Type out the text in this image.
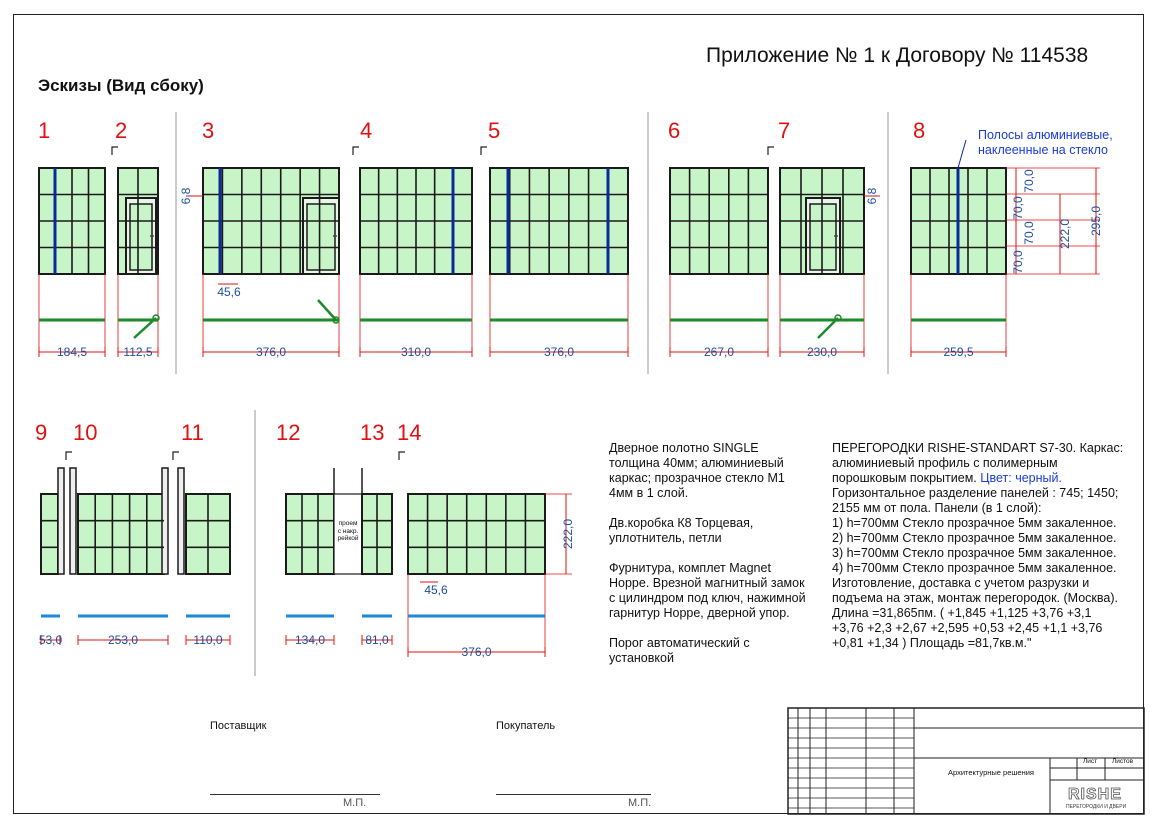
Приложение № 1 к Договору № 114538
Эскизы (Вид сбоку)
184,5	112,5
6,8
45,6
376,0	310,0	376,0	267,0
6,8
230,0	259,5
70,0
70,0
70,0
70,0
222,0 295,0
53,0	253,0	110,0	134,0	81,0
45,6
222,0
376,0
1	2	3	4	5	6	7	8
9 10	11	12	13 14
Полосы алюминиевые,
наклеенные на стекло
проем
с накр.
рейкой
Дверное полотно SINGLE
толщина 40мм; алюминиевый
каркас; прозрачное стекло М1
4мм в 1 слой.

Дв.коробка К8 Торцевая,
уплотнитель, петли

Фурнитура, комплет Magnet
Hoppe. Врезной магнитный замок
с цилиндром под ключ, нажимной
гарнитур Hoppe, дверной упор.

Порог автоматический с
установкой
ПЕРЕГОРОДКИ RISHE-STANDART S7-30. Каркас:
алюминиевый профиль с полимерным
порошковым покрытием. Цвет: черный.
Горизонтальное разделение панелей : 745; 1450;
2155 мм от пола. Панели (в 1 слой):
1) h=700мм Стекло прозрачное 5мм закаленное.
2) h=700мм Стекло прозрачное 5мм закаленное.
3) h=700мм Стекло прозрачное 5мм закаленное.
4) h=700мм Стекло прозрачное 5мм закаленное.
Изготовление, доставка с учетом разрузки и
подъема на этаж, монтаж перегородок. (Москва).
Длина =31,865пм. ( +1,845 +1,125 +3,76 +3,1
+3,76 +2,3 +2,67 +2,595 +0,53 +2,45 +1,1 +3,76
+0,81 +1,34 ) Площадь =81,7кв.м."
Поставщик	Покупатель
М.П.	М.П.
Архитектурные решения
Лист Листов
RISHE
ПЕРЕГОРОДКИ И ДВЕРИ
